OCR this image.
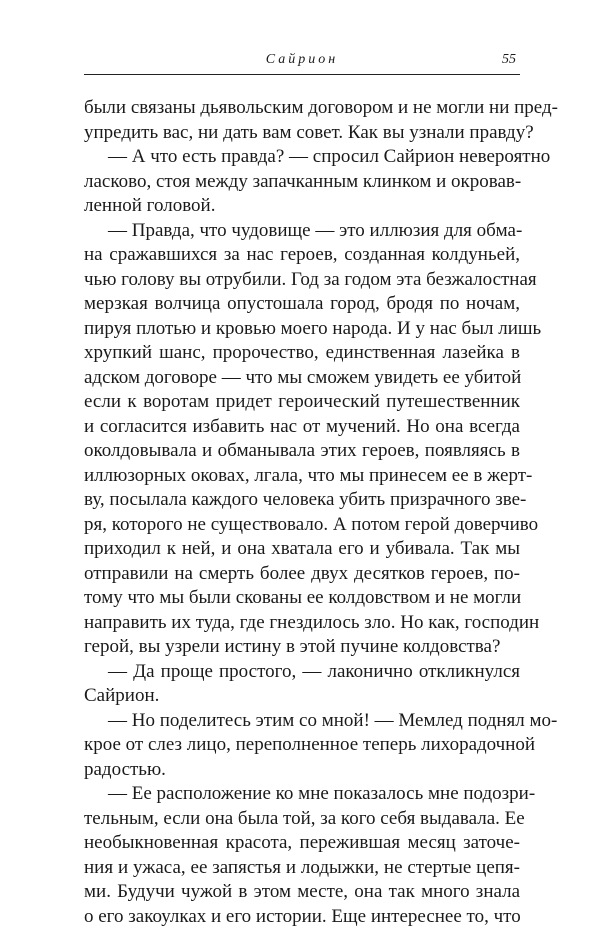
Сайрион	55
были связаны дьявольским договором и не могли ни пред-
упредить вас, ни дать вам совет. Как вы узнали правду?
— А что есть правда? — спросил Сайрион невероятно
ласково, стоя между запачканным клинком и окровав-
ленной головой.
— Правда, что чудовище — это иллюзия для обма-
на сражавшихся за нас героев, созданная колдуньей,
чью голову вы отрубили. Год за годом эта безжалостная
мерзкая волчица опустошала город, бродя по ночам,
пируя плотью и кровью моего народа. И у нас был лишь
хрупкий шанс, пророчество, единственная лазейка в
адском договоре — что мы сможем увидеть ее убитой
если к воротам придет героический путешественник
и согласится избавить нас от мучений. Но она всегда
околдовывала и обманывала этих героев, появляясь в
иллюзорных оковах, лгала, что мы принесем ее в жерт-
ву, посылала каждого человека убить призрачного зве-
ря, которого не существовало. А потом герой доверчиво
приходил к ней, и она хватала его и убивала. Так мы
отправили на смерть более двух десятков героев, по-
тому что мы были скованы ее колдовством и не могли
направить их туда, где гнездилось зло. Но как, господин
герой, вы узрели истину в этой пучине колдовства?
— Да проще простого, — лаконично откликнулся
Сайрион.
— Но поделитесь этим со мной! — Мемлед поднял мо-
крое от слез лицо, переполненное теперь лихорадочной
радостью.
— Ее расположение ко мне показалось мне подозри-
тельным, если она была той, за кого себя выдавала. Ее
необыкновенная красота, пережившая месяц заточе-
ния и ужаса, ее запястья и лодыжки, не стертые цепя-
ми. Будучи чужой в этом месте, она так много знала
о его закоулках и его истории. Еще интереснее то, что
